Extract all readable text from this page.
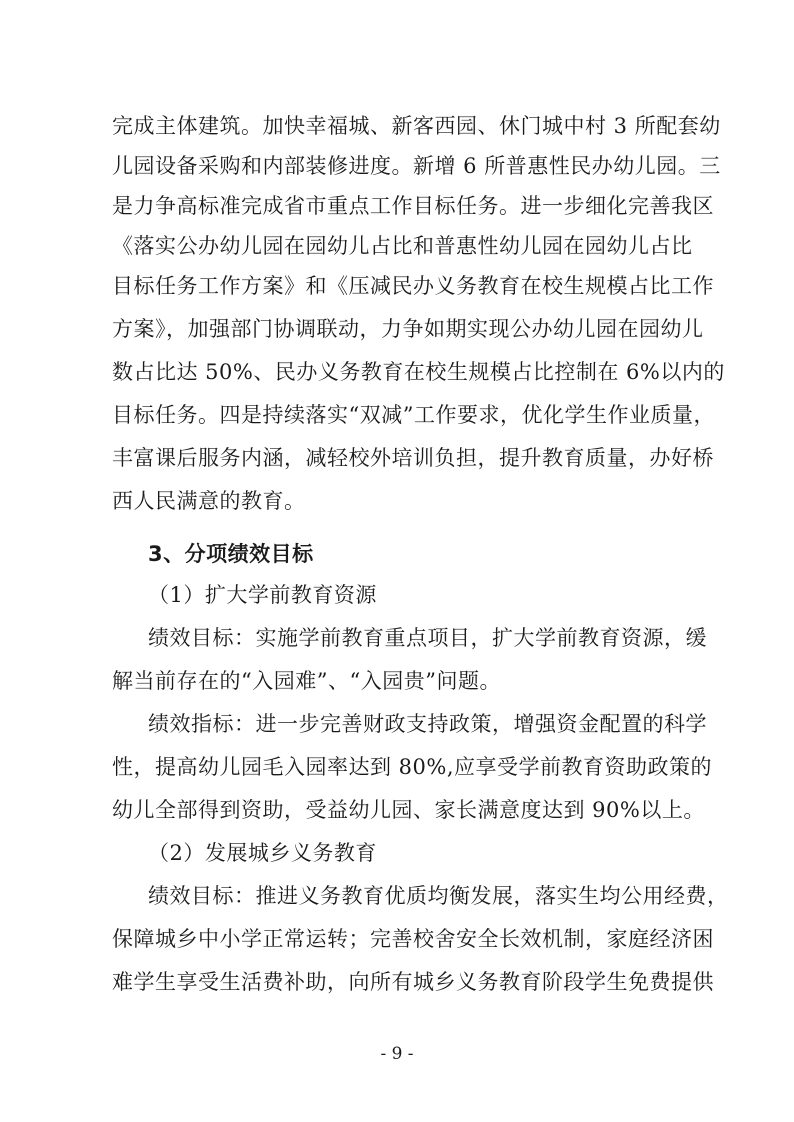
完成主体建筑。加快幸福城、新客西园、休门城中村 3 所配套幼
儿园设备采购和内部装修进度。新增 6 所普惠性民办幼儿园。三
是力争高标准完成省市重点工作目标任务。进一步细化完善我区
《落实公办幼儿园在园幼儿占比和普惠性幼儿园在园幼儿占比
目标任务工作方案》和《压减民办义务教育在校生规模占比工作
方案》，加强部门协调联动，力争如期实现公办幼儿园在园幼儿
数占比达 50%、民办义务教育在校生规模占比控制在 6%以内的
目标任务。四是持续落实“双减”工作要求，优化学生作业质量，
丰富课后服务内涵，减轻校外培训负担，提升教育质量，办好桥
西人民满意的教育。
3、分项绩效目标
（1）扩大学前教育资源
绩效目标：实施学前教育重点项目，扩大学前教育资源，缓
解当前存在的“入园难”、“入园贵”问题。
绩效指标：进一步完善财政支持政策，增强资金配置的科学
性，提高幼儿园毛入园率达到 80%,应享受学前教育资助政策的
幼儿全部得到资助，受益幼儿园、家长满意度达到 90%以上。
（2）发展城乡义务教育
绩效目标：推进义务教育优质均衡发展，落实生均公用经费，
保障城乡中小学正常运转；完善校舍安全长效机制，家庭经济困
难学生享受生活费补助，向所有城乡义务教育阶段学生免费提供
- 9 -
